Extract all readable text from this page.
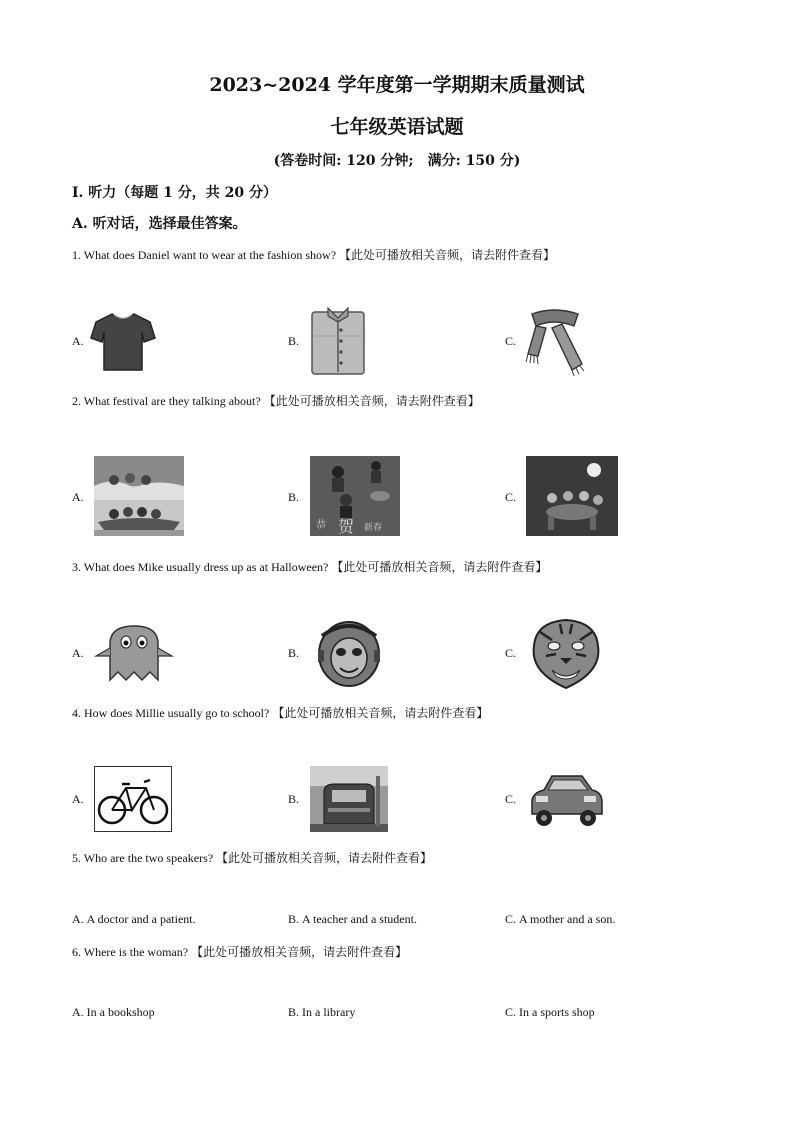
2023~2024 学年度第一学期期末质量测试
七年级英语试题
(答卷时间: 120 分钟;　满分: 150 分)
Ⅰ. 听力（每题 1 分，共 20 分）
A. 听对话，选择最佳答案。
1. What does Daniel want to wear at the fashion show? 【此处可播放相关音频，请去附件查看】
A.	B.	C.
2. What festival are they talking about? 【此处可播放相关音频，请去附件查看】
A.	B.	C.
恭 贺 新春
3. What does Mike usually dress up as at Halloween? 【此处可播放相关音频，请去附件查看】
A.	B.	C.
4. How does Millie usually go to school? 【此处可播放相关音频，请去附件查看】
A.	B.	C.
5. Who are the two speakers? 【此处可播放相关音频，请去附件查看】
A. A doctor and a patient.	B. A teacher and a student.	C. A mother and a son.
6. Where is the woman? 【此处可播放相关音频，请去附件查看】
A. In a bookshop	B. In a library	C. In a sports shop
